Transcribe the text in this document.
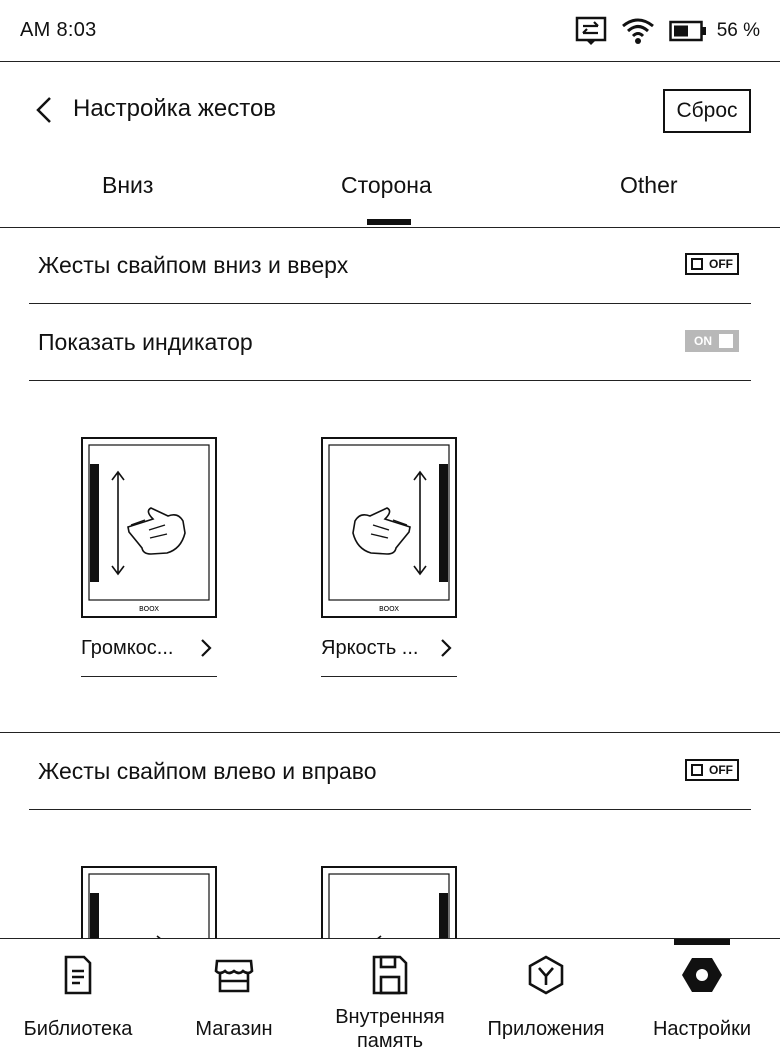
AM 8:03	56 %
Настройка жестов	Сброс
Вниз	Сторона	Other
Жесты свайпом вниз и вверх	OFF
Показать индикатор	ON
BOOX
Громкос...
BOOX
Яркость ...
Жесты свайпом влево и вправо	OFF
Библиотека	Магазин
Внутренняя
память
Приложения	Настройки
